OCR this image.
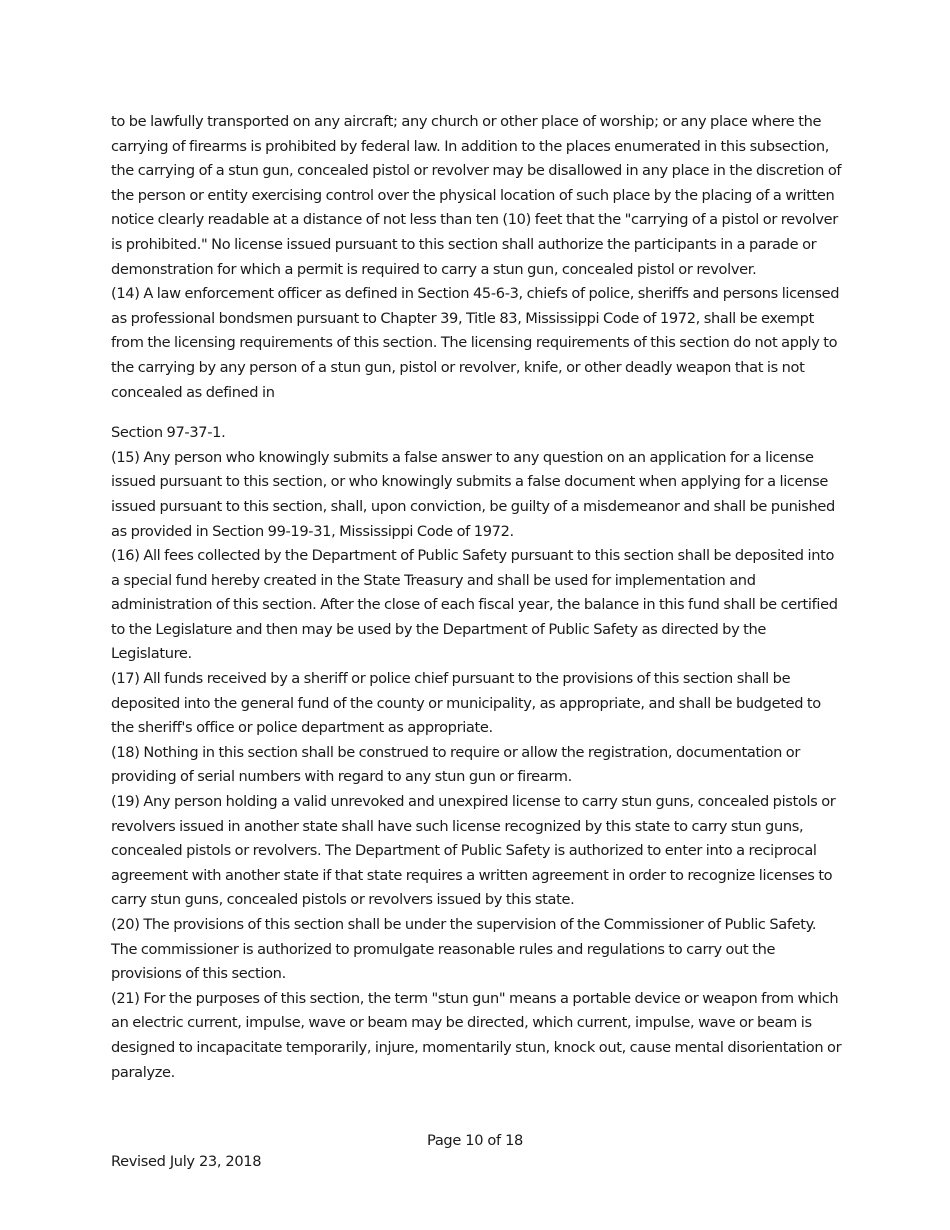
to be lawfully transported on any aircraft; any church or other place of worship; or any place where the carrying of firearms is prohibited by federal law. In addition to the places enumerated in this subsection, the carrying of a stun gun, concealed pistol or revolver may be disallowed in any place in the discretion of the person or entity exercising control over the physical location of such place by the placing of a written notice clearly readable at a distance of not less than ten (10) feet that the "carrying of a pistol or revolver is prohibited." No license issued pursuant to this section shall authorize the participants in a parade or demonstration for which a permit is required to carry a stun gun, concealed pistol or revolver.

(14) A law enforcement officer as defined in Section 45-6-3, chiefs of police, sheriffs and persons licensed as professional bondsmen pursuant to Chapter 39, Title 83, Mississippi Code of 1972, shall be exempt from the licensing requirements of this section. The licensing requirements of this section do not apply to the carrying by any person of a stun gun, pistol or revolver, knife, or other deadly weapon that is not concealed as defined in

Section 97-37-1.

(15) Any person who knowingly submits a false answer to any question on an application for a license issued pursuant to this section, or who knowingly submits a false document when applying for a license issued pursuant to this section, shall, upon conviction, be guilty of a misdemeanor and shall be punished as provided in Section 99-19-31, Mississippi Code of 1972.

(16) All fees collected by the Department of Public Safety pursuant to this section shall be deposited into a special fund hereby created in the State Treasury and shall be used for implementation and administration of this section. After the close of each fiscal year, the balance in this fund shall be certified to the Legislature and then may be used by the Department of Public Safety as directed by the Legislature.

(17) All funds received by a sheriff or police chief pursuant to the provisions of this section shall be deposited into the general fund of the county or municipality, as appropriate, and shall be budgeted to the sheriff's office or police department as appropriate.

(18) Nothing in this section shall be construed to require or allow the registration, documentation or providing of serial numbers with regard to any stun gun or firearm.

(19) Any person holding a valid unrevoked and unexpired license to carry stun guns, concealed pistols or revolvers issued in another state shall have such license recognized by this state to carry stun guns, concealed pistols or revolvers. The Department of Public Safety is authorized to enter into a reciprocal agreement with another state if that state requires a written agreement in order to recognize licenses to carry stun guns, concealed pistols or revolvers issued by this state.

(20) The provisions of this section shall be under the supervision of the Commissioner of Public Safety. The commissioner is authorized to promulgate reasonable rules and regulations to carry out the provisions of this section.

(21) For the purposes of this section, the term "stun gun" means a portable device or weapon from which an electric current, impulse, wave or beam may be directed, which current, impulse, wave or beam is designed to incapacitate temporarily, injure, momentarily stun, knock out, cause mental disorientation or paralyze.

Page 10 of 18
Revised July 23, 2018
